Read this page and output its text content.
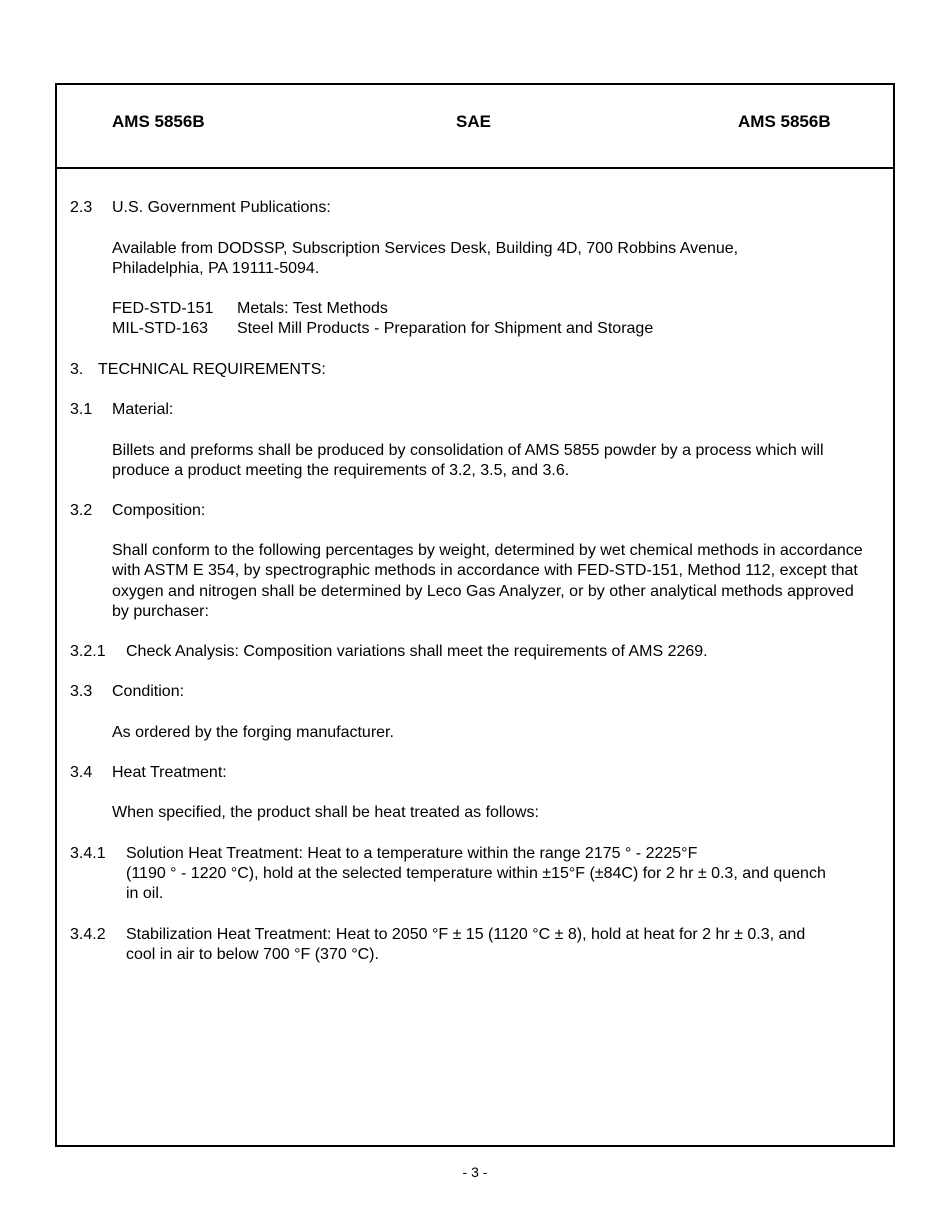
AMS 5856B	SAE	AMS 5856B
2.3 U.S. Government Publications:
Available from DODSSP, Subscription Services Desk, Building 4D, 700 Robbins Avenue,
Philadelphia, PA 19111-5094.
FED-STD-151 Metals: Test Methods
MIL-STD-163 Steel Mill Products - Preparation for Shipment and Storage
3. TECHNICAL REQUIREMENTS:
3.1 Material:
Billets and preforms shall be produced by consolidation of AMS 5855 powder by a process which will produce a product meeting the requirements of 3.2, 3.5, and 3.6.
3.2 Composition:
Shall conform to the following percentages by weight, determined by wet chemical methods in accordance with ASTM E 354, by spectrographic methods in accordance with FED-STD-151, Method 112, except that oxygen and nitrogen shall be determined by Leco Gas Analyzer, or by other analytical methods approved by purchaser:
3.2.1 Check Analysis: Composition variations shall meet the requirements of AMS 2269.
3.3 Condition:
As ordered by the forging manufacturer.
3.4 Heat Treatment:
When specified, the product shall be heat treated as follows:
3.4.1 Solution Heat Treatment: Heat to a temperature within the range 2175 ° - 2225°F
(1190 ° - 1220 °C), hold at the selected temperature within ±15°F (±84C) for 2 hr ± 0.3, and quench
in oil.
3.4.2 Stabilization Heat Treatment: Heat to 2050 °F ± 15 (1120 °C ± 8), hold at heat for 2 hr ± 0.3, and
cool in air to below 700 °F (370 °C).
- 3 -
